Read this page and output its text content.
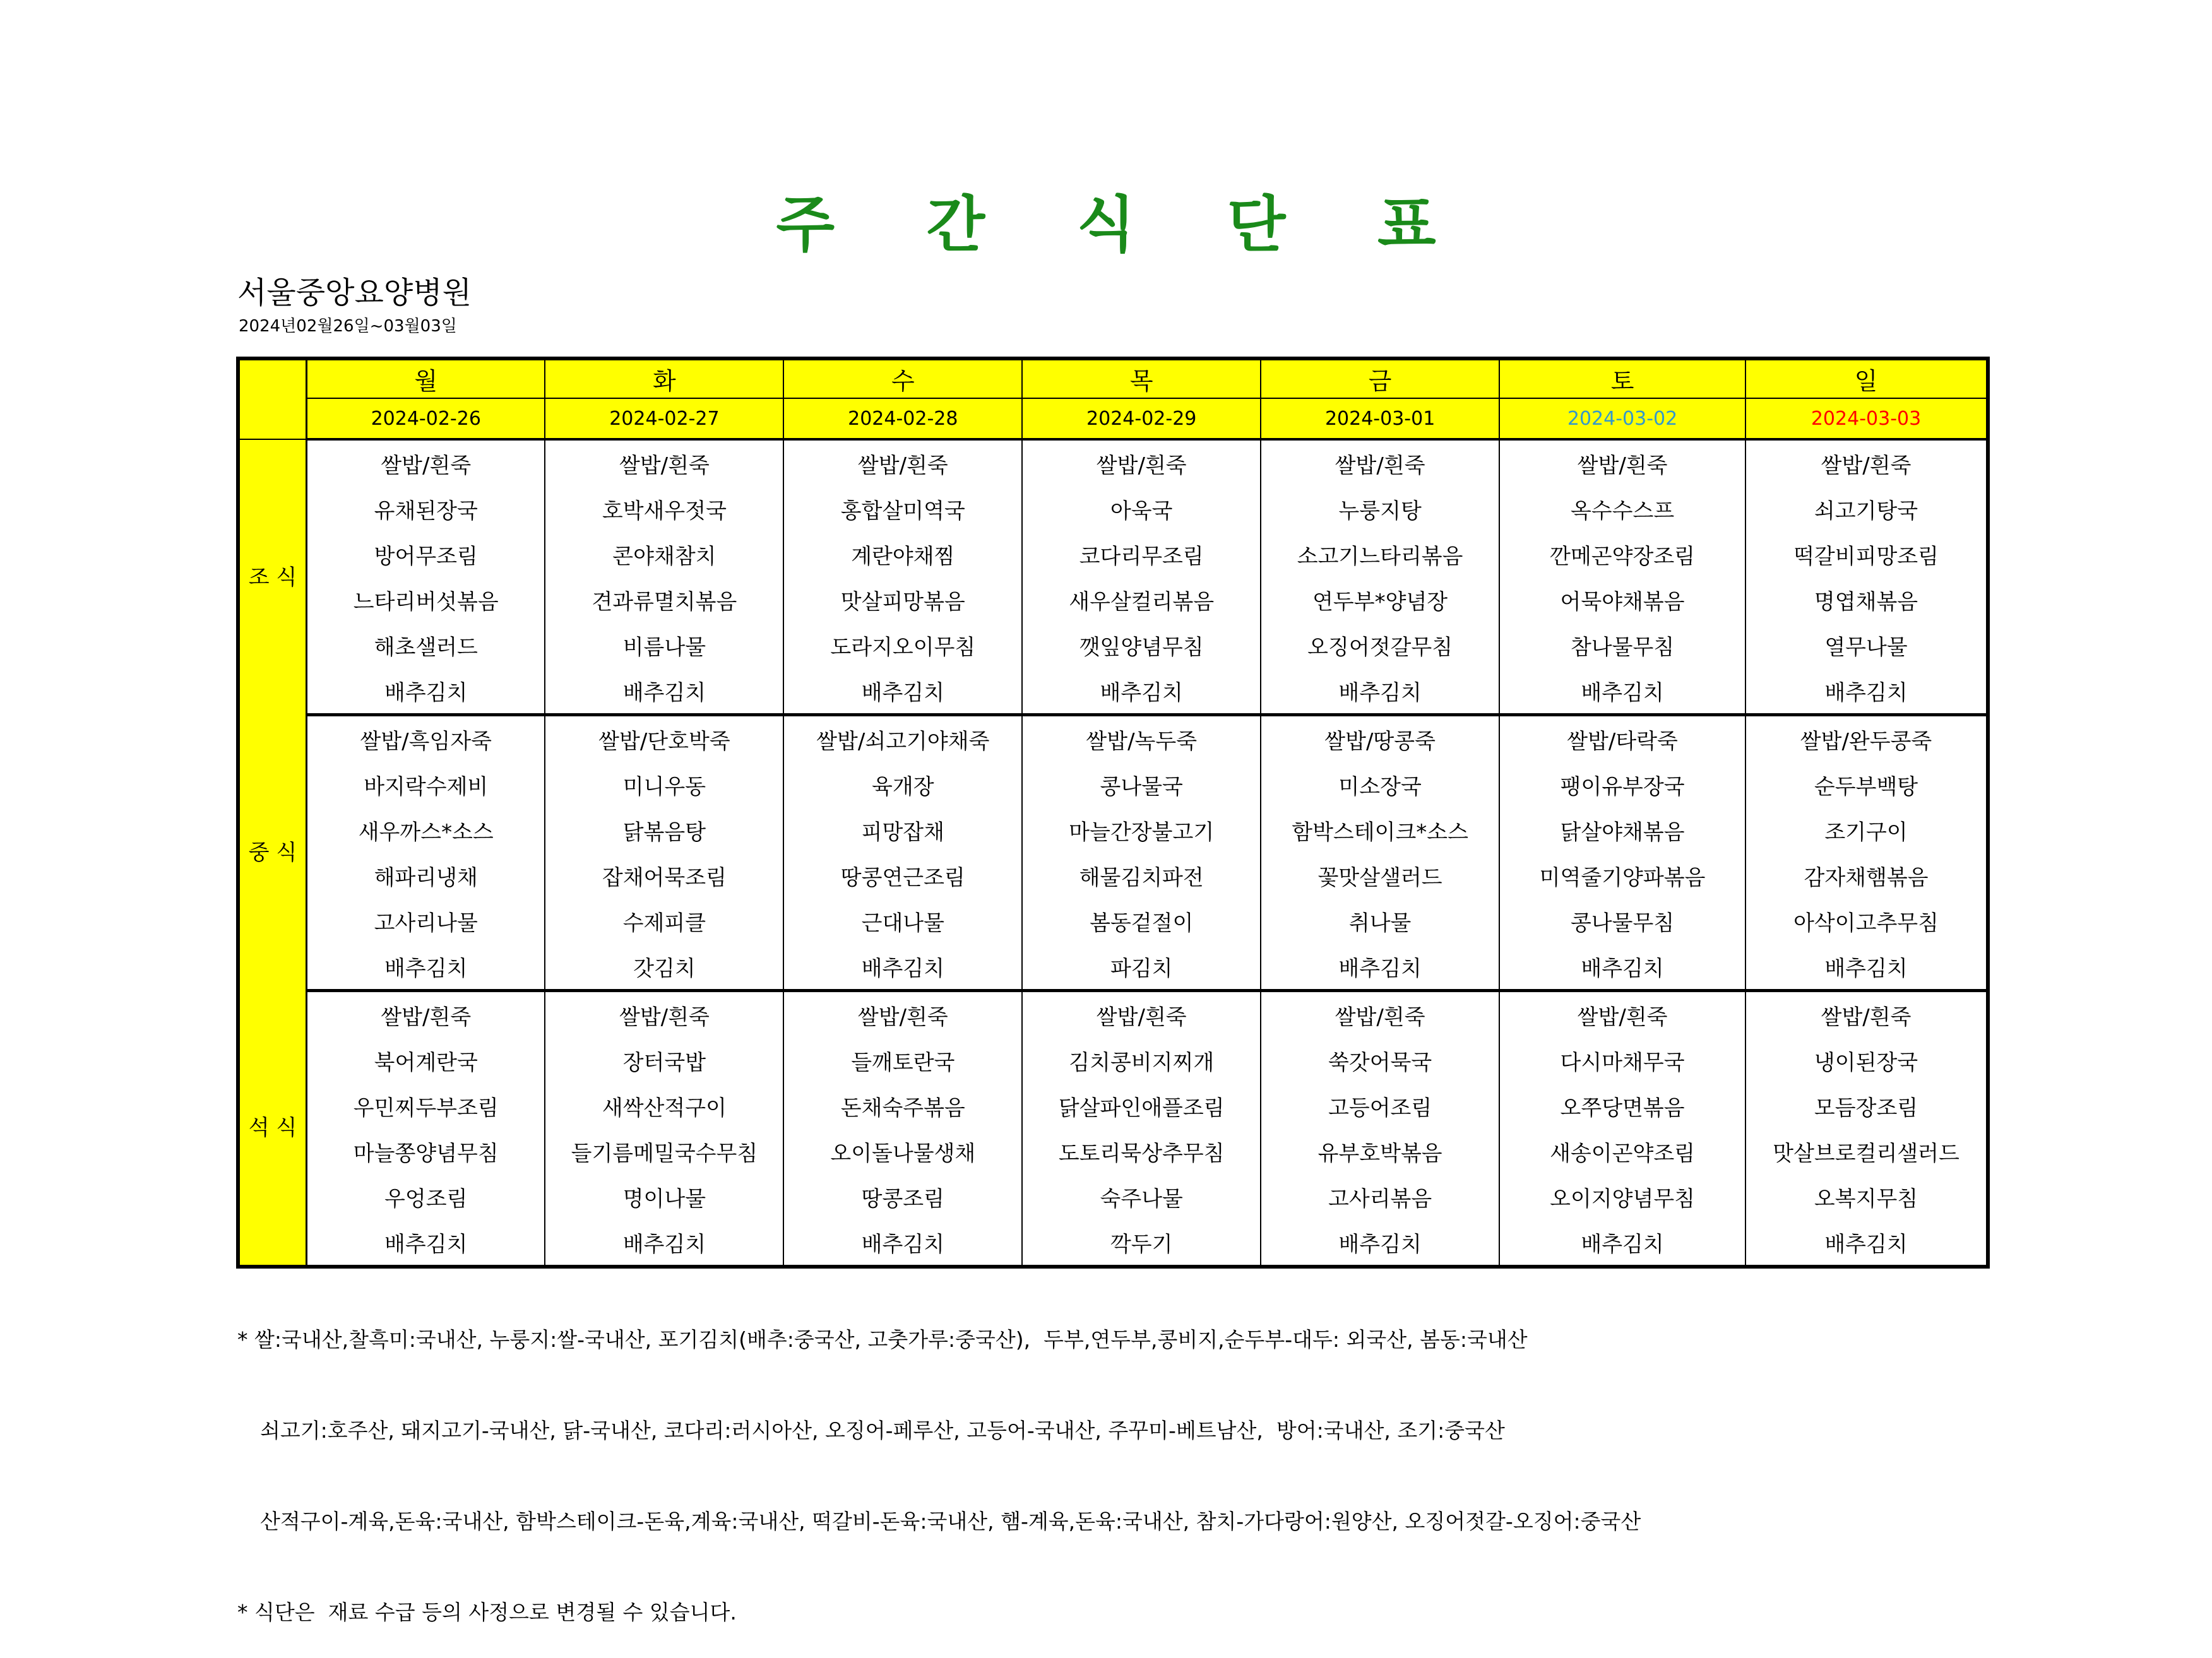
주 간 식 단 표
서울중앙요양병원
2024년02월26일~03월03일
	월	화	수	목	금	토	일
	2024-02-26	2024-02-27	2024-02-28	2024-02-29	2024-03-01	2024-03-02	2024-03-03
조 식	쌀밥/흰죽	쌀밥/흰죽	쌀밥/흰죽	쌀밥/흰죽	쌀밥/흰죽	쌀밥/흰죽	쌀밥/흰죽
	유채된장국	호박새우젓국	홍합살미역국	아욱국	누룽지탕	옥수수스프	쇠고기탕국
	방어무조림	콘야채참치	계란야채찜	코다리무조림	소고기느타리볶음	깐메곤약장조림	떡갈비피망조림
	느타리버섯볶음	견과류멸치볶음	맛살피망볶음	새우살컬리볶음	연두부*양념장	어묵야채볶음	명엽채볶음
	해초샐러드	비름나물	도라지오이무침	깻잎양념무침	오징어젓갈무침	참나물무침	열무나물
	배추김치	배추김치	배추김치	배추김치	배추김치	배추김치	배추김치
중 식	쌀밥/흑임자죽	쌀밥/단호박죽	쌀밥/쇠고기야채죽	쌀밥/녹두죽	쌀밥/땅콩죽	쌀밥/타락죽	쌀밥/완두콩죽
	바지락수제비	미니우동	육개장	콩나물국	미소장국	팽이유부장국	순두부백탕
	새우까스*소스	닭볶음탕	피망잡채	마늘간장불고기	함박스테이크*소스	닭살야채볶음	조기구이
	해파리냉채	잡채어묵조림	땅콩연근조림	해물김치파전	꽃맛살샐러드	미역줄기양파볶음	감자채햄볶음
	고사리나물	수제피클	근대나물	봄동겉절이	취나물	콩나물무침	아삭이고추무침
	배추김치	갓김치	배추김치	파김치	배추김치	배추김치	배추김치
석 식	쌀밥/흰죽	쌀밥/흰죽	쌀밥/흰죽	쌀밥/흰죽	쌀밥/흰죽	쌀밥/흰죽	쌀밥/흰죽
	북어계란국	장터국밥	들깨토란국	김치콩비지찌개	쑥갓어묵국	다시마채무국	냉이된장국
	우민찌두부조림	새싹산적구이	돈채숙주볶음	닭살파인애플조림	고등어조림	오쭈당면볶음	모듬장조림
	마늘쫑양념무침	들기름메밀국수무침	오이돌나물생채	도토리묵상추무침	유부호박볶음	새송이곤약조림	맛살브로컬리샐러드
	우엉조림	명이나물	땅콩조림	숙주나물	고사리볶음	오이지양념무침	오복지무침
	배추김치	배추김치	배추김치	깍두기	배추김치	배추김치	배추김치

* 쌀:국내산,찰흑미:국내산, 누룽지:쌀-국내산, 포기김치(배추:중국산, 고춧가루:중국산),  두부,연두부,콩비지,순두부-대두: 외국산, 봄동:국내산

쇠고기:호주산, 돼지고기-국내산, 닭-국내산, 코다리:러시아산, 오징어-페루산, 고등어-국내산, 주꾸미-베트남산,  방어:국내산, 조기:중국산

산적구이-계육,돈육:국내산, 함박스테이크-돈육,계육:국내산, 떡갈비-돈육:국내산, 햄-계육,돈육:국내산, 참치-가다랑어:원양산, 오징어젓갈-오징어:중국산

* 식단은  재료 수급 등의 사정으로 변경될 수 있습니다.
